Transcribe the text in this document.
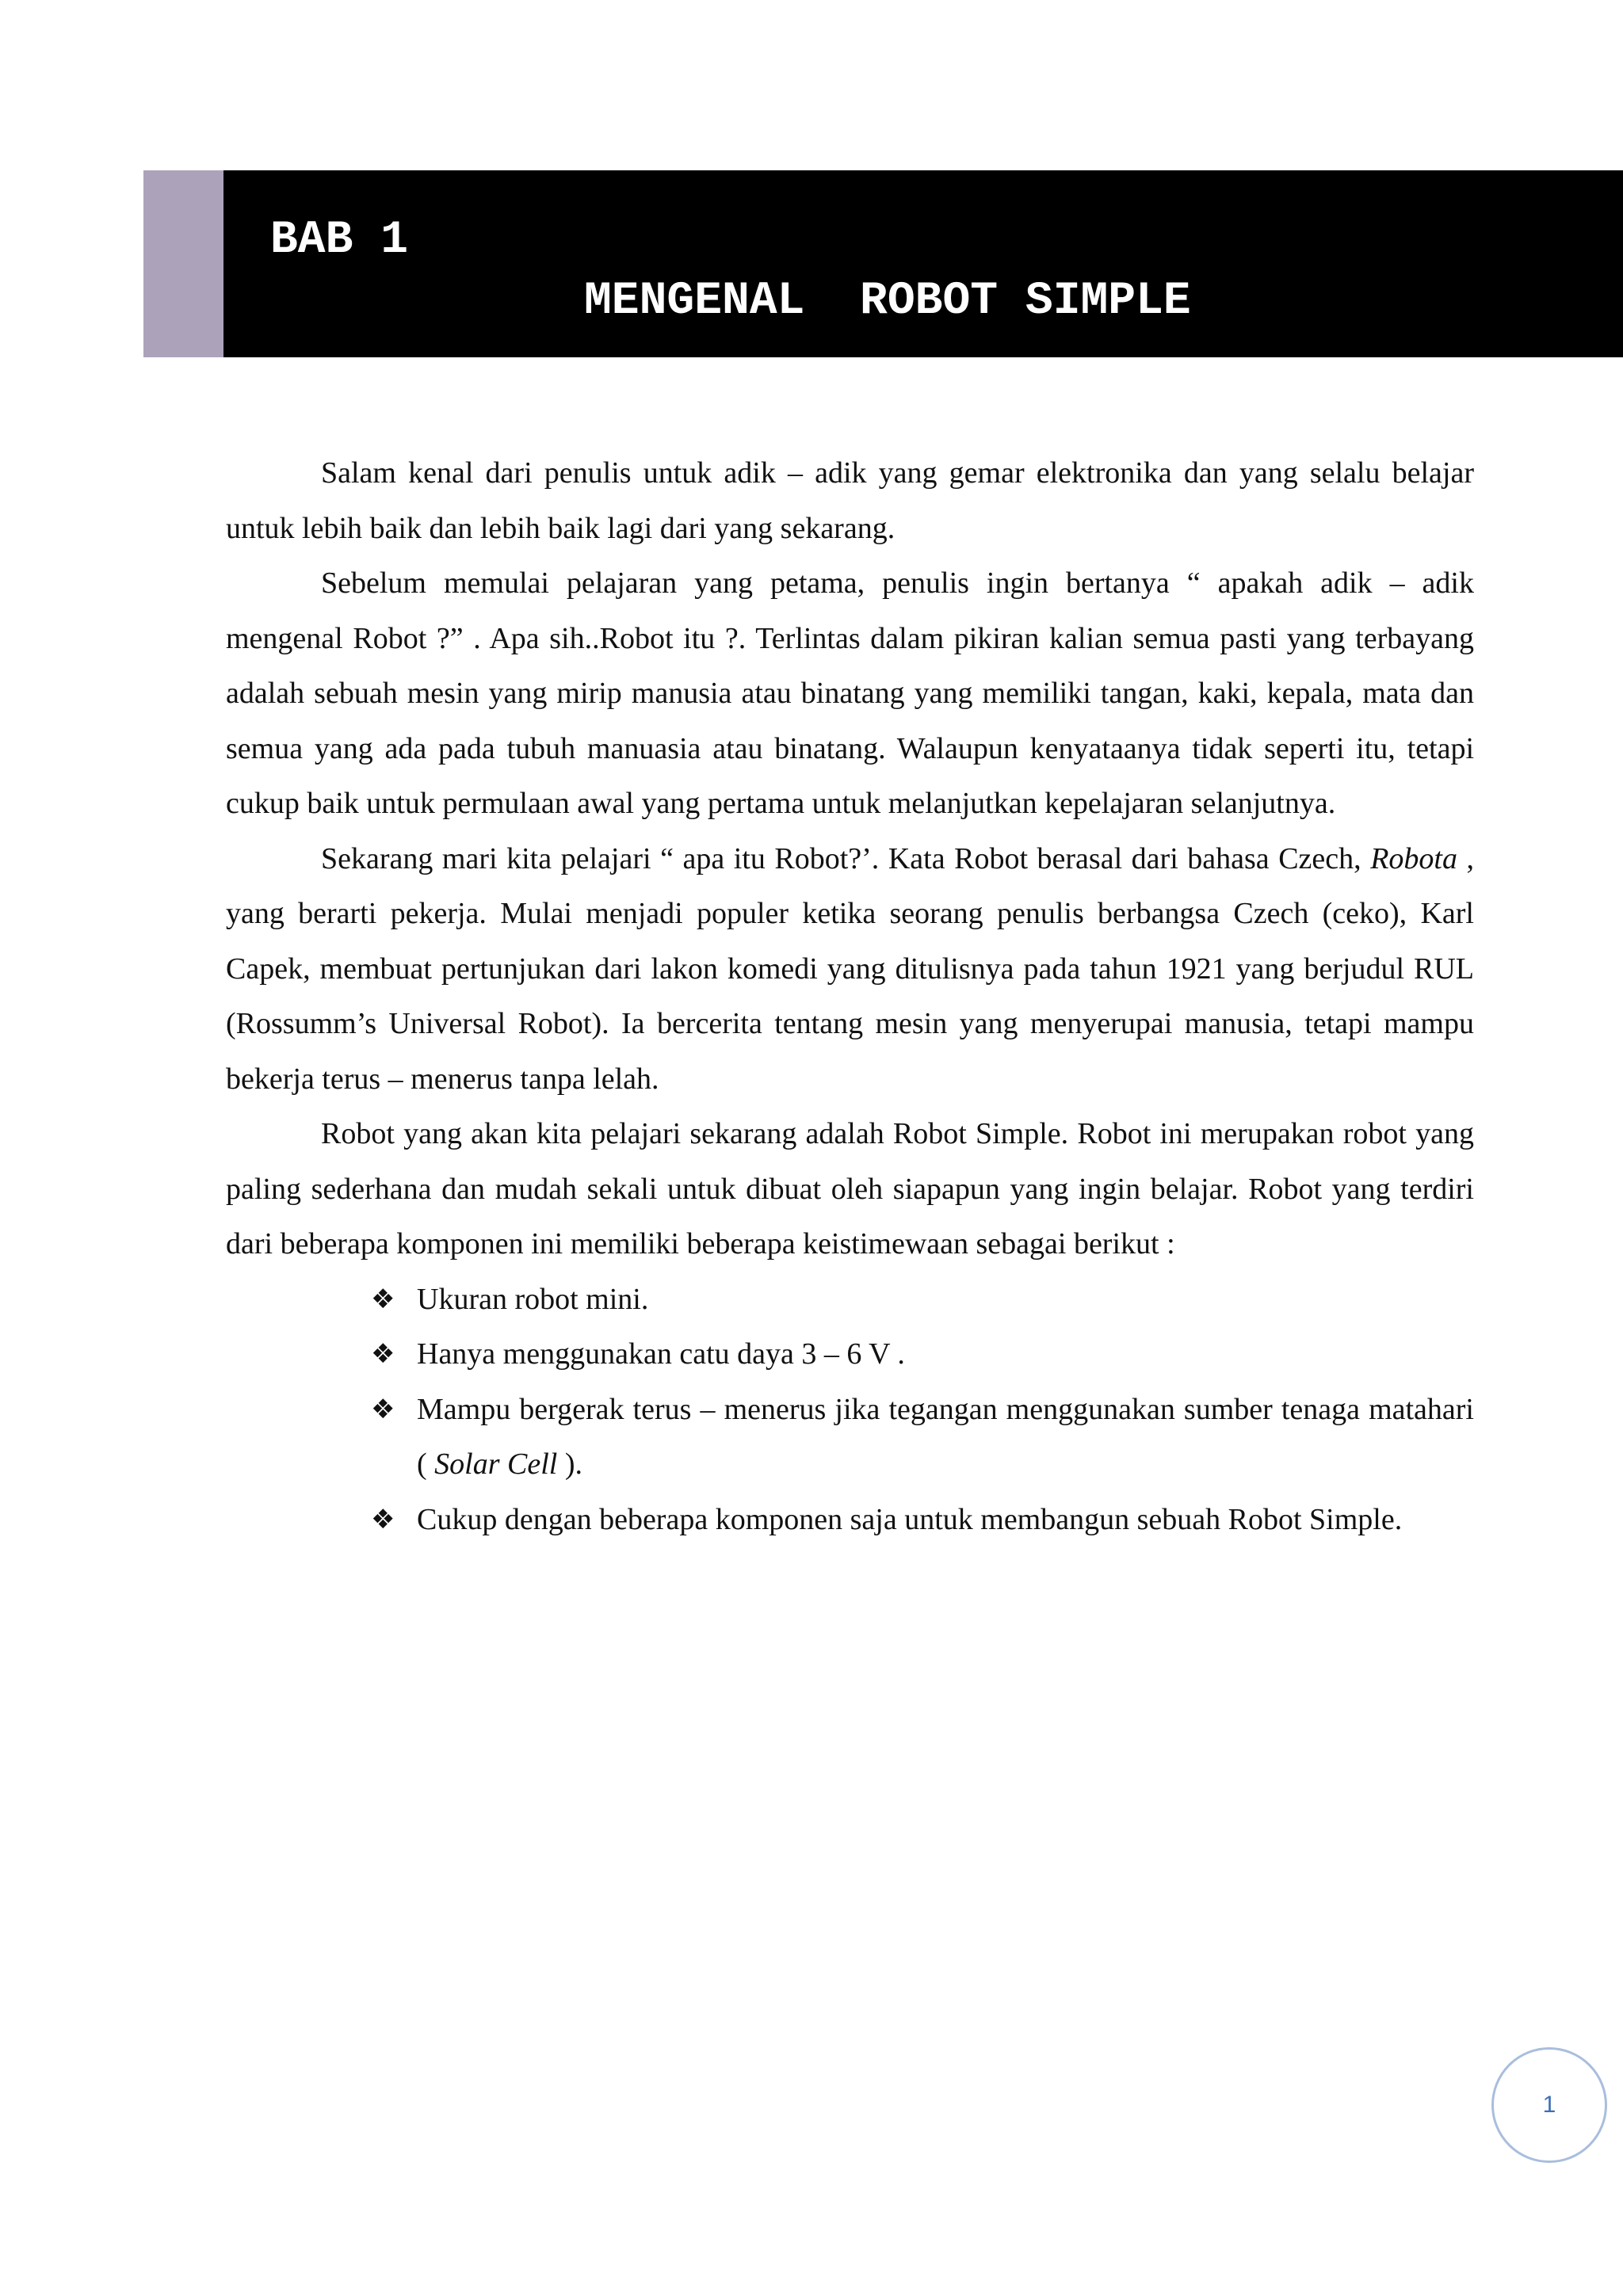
BAB 1
MENGENAL  ROBOT SIMPLE

Salam kenal dari penulis untuk adik – adik yang gemar elektronika dan yang selalu belajar untuk lebih baik dan lebih baik lagi dari yang sekarang.

Sebelum memulai pelajaran yang petama, penulis ingin bertanya “ apakah adik – adik mengenal Robot ?” . Apa sih..Robot itu ?. Terlintas dalam pikiran kalian semua pasti yang terbayang adalah sebuah mesin yang mirip manusia atau binatang yang memiliki tangan, kaki, kepala, mata dan semua yang ada pada tubuh manuasia atau binatang. Walaupun kenyataanya tidak seperti itu, tetapi cukup baik untuk permulaan awal yang pertama untuk melanjutkan kepelajaran selanjutnya.

Sekarang mari kita pelajari “ apa itu Robot?’. Kata Robot berasal dari bahasa Czech, Robota , yang berarti pekerja. Mulai menjadi populer ketika seorang penulis berbangsa Czech (ceko), Karl Capek, membuat pertunjukan dari lakon komedi yang ditulisnya pada tahun 1921 yang berjudul RUL (Rossumm’s Universal Robot). Ia bercerita tentang mesin yang menyerupai manusia, tetapi mampu bekerja terus – menerus tanpa lelah.

Robot yang akan kita pelajari sekarang adalah Robot Simple. Robot ini merupakan robot yang paling sederhana dan mudah sekali untuk dibuat oleh siapapun yang ingin belajar. Robot yang terdiri dari beberapa komponen ini memiliki beberapa keistimewaan sebagai berikut :

❖ Ukuran robot mini.
❖ Hanya menggunakan catu daya 3 – 6 V .
❖ Mampu bergerak terus – menerus jika tegangan menggunakan sumber tenaga matahari ( Solar Cell ).
❖ Cukup dengan beberapa komponen saja untuk membangun sebuah Robot Simple.
1
